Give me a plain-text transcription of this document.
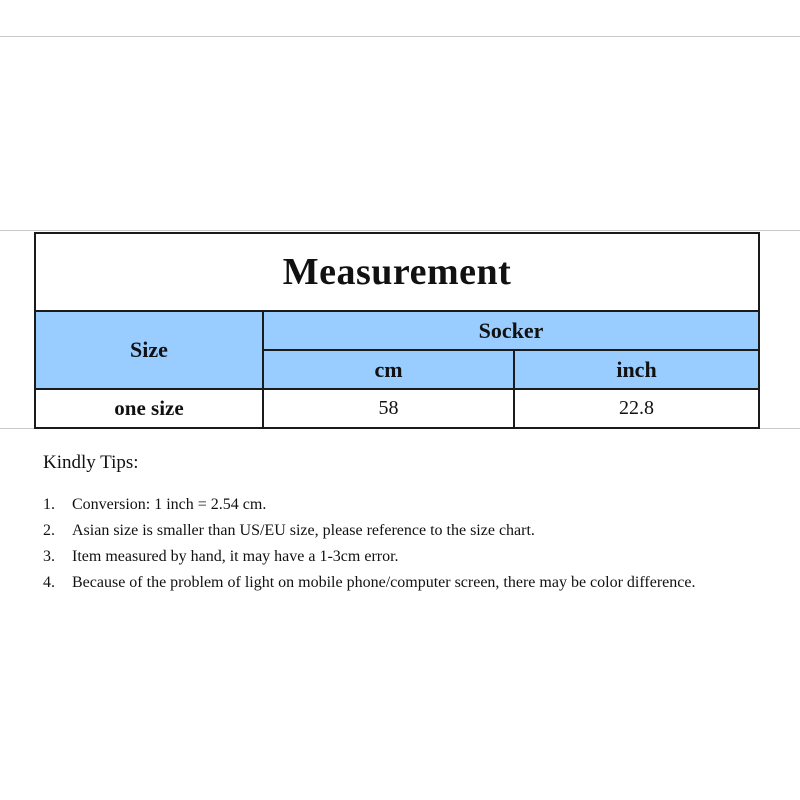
Measurement		
Size	Socker	
	cm	inch
one size	58	22.8
Kindly Tips:
1. Conversion: 1 inch = 2.54 cm.
2. Asian size is smaller than US/EU size, please reference to the size chart.
3. Item measured by hand, it may have a 1-3cm error.
4. Because of the problem of light on mobile phone/computer screen, there may be color difference.
